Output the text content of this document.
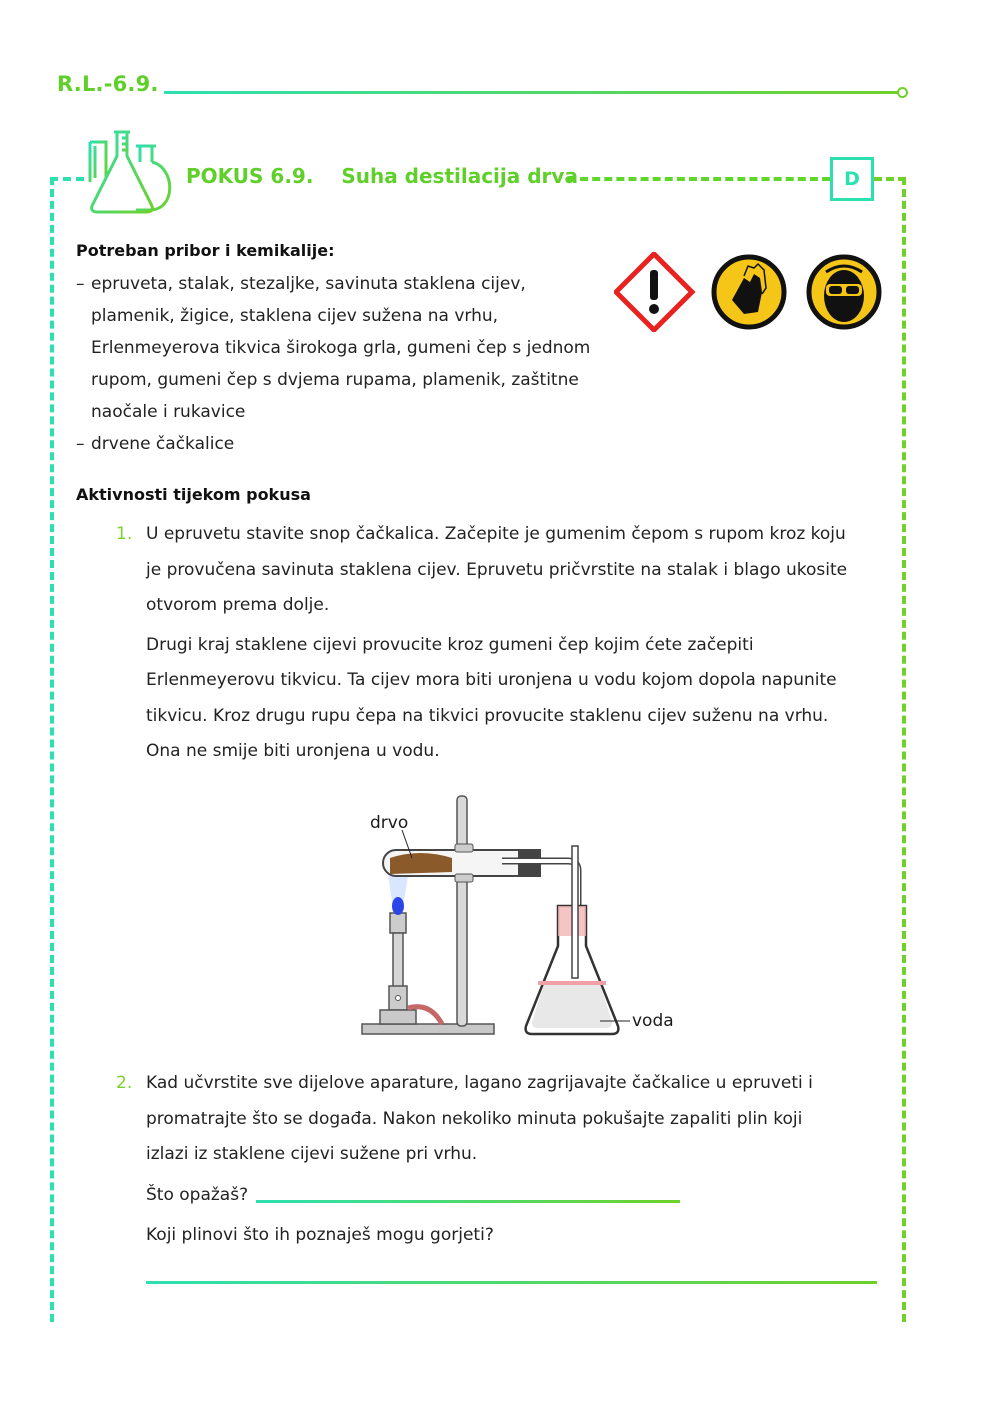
R.L.-6.9.
POKUS 6.9. Suha destilacija drva	D
Potreban pribor i kemikalije:
– epruveta, stalak, stezaljke, savinuta staklena cijev,
plamenik, žigice, staklena cijev sužena na vrhu,
Erlenmeyerova tikvica širokoga grla, gumeni čep s jednom
rupom, gumeni čep s dvjema rupama, plamenik, zaštitne
naočale i rukavice
– drvene čačkalice
Aktivnosti tijekom pokusa
1. U epruvetu stavite snop čačkalica. Začepite je gumenim čepom s rupom kroz koju
je provučena savinuta staklena cijev. Epruvetu pričvrstite na stalak i blago ukosite
otvorom prema dolje.
Drugi kraj staklene cijevi provucite kroz gumeni čep kojim ćete začepiti
Erlenmeyerovu tikvicu. Ta cijev mora biti uronjena u vodu kojom dopola napunite
tikvicu. Kroz drugu rupu čepa na tikvici provucite staklenu cijev suženu na vrhu.
Ona ne smije biti uronjena u vodu.
drvo
voda
2. Kad učvrstite sve dijelove aparature, lagano zagrijavajte čačkalice u epruveti i
promatrajte što se događa. Nakon nekoliko minuta pokušajte zapaliti plin koji
izlazi iz staklene cijevi sužene pri vrhu.
Što opažaš?
Koji plinovi što ih poznaješ mogu gorjeti?
